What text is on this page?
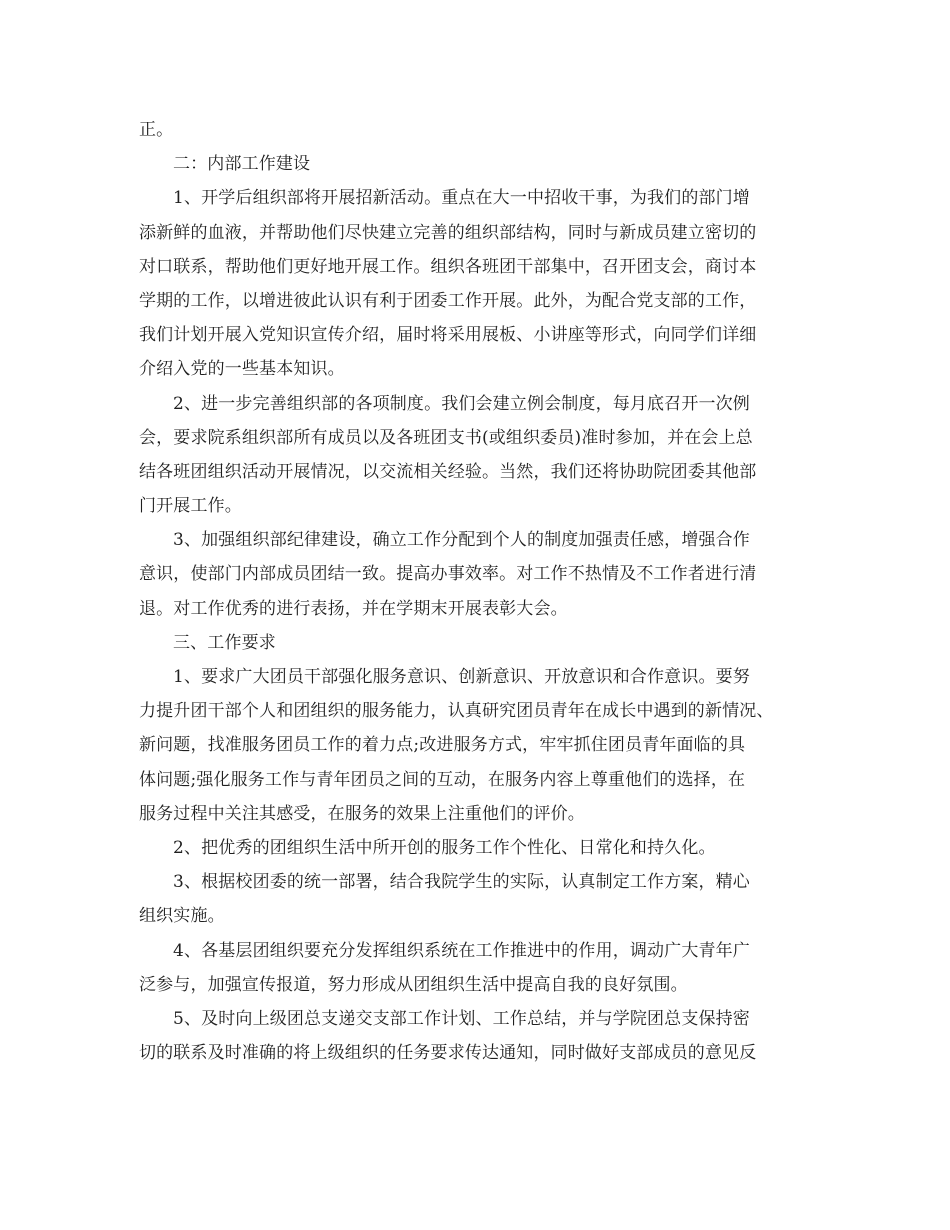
正。
二：内部工作建设
1、开学后组织部将开展招新活动。重点在大一中招收干事，为我们的部门增
添新鲜的血液，并帮助他们尽快建立完善的组织部结构，同时与新成员建立密切的
对口联系，帮助他们更好地开展工作。组织各班团干部集中，召开团支会，商讨本
学期的工作，以增进彼此认识有利于团委工作开展。此外，为配合党支部的工作，
我们计划开展入党知识宣传介绍，届时将采用展板、小讲座等形式，向同学们详细
介绍入党的一些基本知识。
2、进一步完善组织部的各项制度。我们会建立例会制度，每月底召开一次例
会，要求院系组织部所有成员以及各班团支书(或组织委员)准时参加，并在会上总
结各班团组织活动开展情况，以交流相关经验。当然，我们还将协助院团委其他部
门开展工作。
3、加强组织部纪律建设，确立工作分配到个人的制度加强责任感，增强合作
意识，使部门内部成员团结一致。提高办事效率。对工作不热情及不工作者进行清
退。对工作优秀的进行表扬，并在学期末开展表彰大会。
三、工作要求
1、要求广大团员干部强化服务意识、创新意识、开放意识和合作意识。要努
力提升团干部个人和团组织的服务能力，认真研究团员青年在成长中遇到的新情况、
新问题，找准服务团员工作的着力点;改进服务方式，牢牢抓住团员青年面临的具
体问题;强化服务工作与青年团员之间的互动，在服务内容上尊重他们的选择，在
服务过程中关注其感受，在服务的效果上注重他们的评价。
2、把优秀的团组织生活中所开创的服务工作个性化、日常化和持久化。
3、根据校团委的统一部署，结合我院学生的实际，认真制定工作方案，精心
组织实施。
4、各基层团组织要充分发挥组织系统在工作推进中的作用，调动广大青年广
泛参与，加强宣传报道，努力形成从团组织生活中提高自我的良好氛围。
5、及时向上级团总支递交支部工作计划、工作总结，并与学院团总支保持密
切的联系及时准确的将上级组织的任务要求传达通知，同时做好支部成员的意见反
